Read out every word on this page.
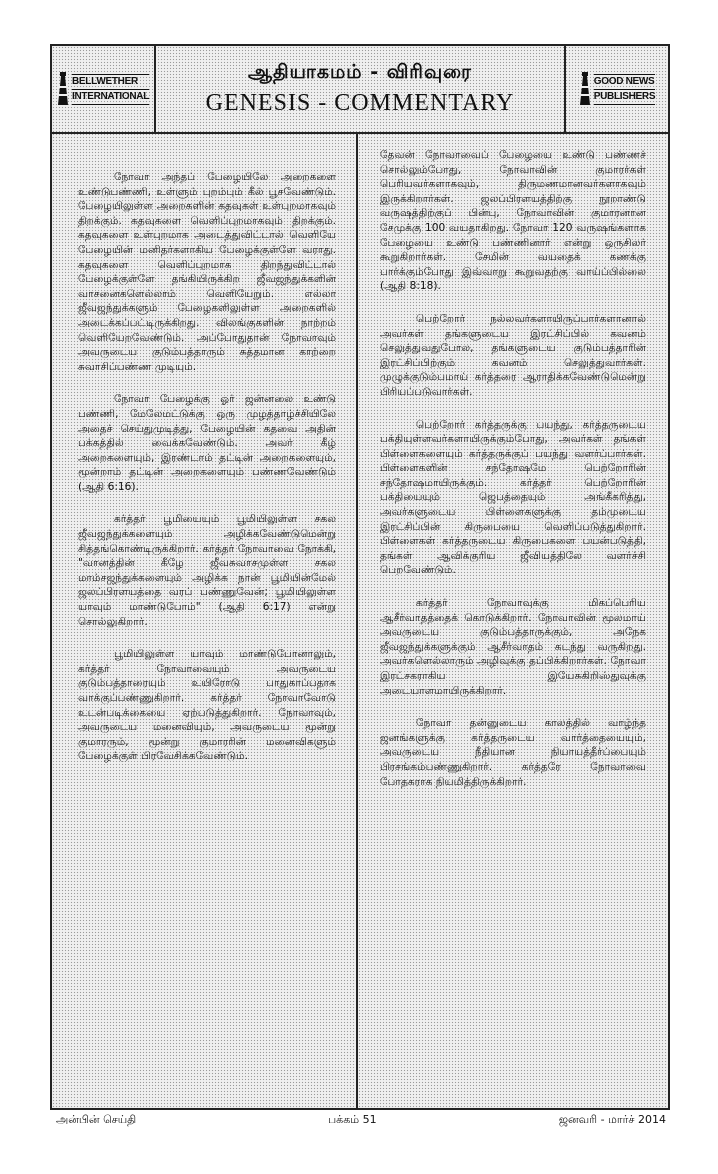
BELLWETHER
INTERNATIONAL
ஆதியாகமம் - விரிவுரை
GENESIS - COMMENTARY
GOOD NEWS
PUBLISHERS

நோவா அந்தப் பேழையிலே அறைகளை உண்டுபண்ணி, உள்ளும் புறம்பும் கீல் பூசவேண்டும். பேழையிலுள்ள அறைகளின் கதவுகள் உள்புறமாகவும் திறக்கும். கதவுகளை வெளிப்புறமாகவும் திறக்கும். கதவுகளை உள்புறமாக அடைத்துவிட்டால் வெளியே பேழையின் மனிதர்களாகிய பேழைக்குள்ளே வராது. கதவுகளை வெளிப்புறமாக திறந்துவிட்டால் பேழைக்குள்ளே தங்கியிருக்கிற ஜீவஜந்துக்களின் வாசனைகளெல்லாம் வெளியேறும். எல்லா ஜீவஜந்துக்களும் பேழைகளிலுள்ள அறைகளில் அடைக்கப்பட்டிருக்கிறது. விலங்குகளின் நாற்றம் வெளியேறவேண்டும். அப்போதுதான் நோவாவும் அவருடைய குடும்பத்தாரும் சுத்தமான காற்றை சுவாசிப்பண்ண முடியும்.

நோவா பேழைக்கு ஓர் ஜன்னலை உண்டு பண்ணி, மேலேமட்டுக்கு ஒரு முழத்தாழ்ச்சியிலே அதைச் செய்துமுடித்து, பேழையின் கதவை அதின் பக்கத்தில் வைக்கவேண்டும். அவர் கீழ் அறைகளையும், இரண்டாம் தட்டின் அறைகளையும், மூன்றாம் தட்டின் அறைகளையும் பண்ணவேண்டும் (ஆதி 6:16).

கர்த்தர் பூமியையும் பூமியிலுள்ள சகல ஜீவஜந்துக்களையும் அழிக்கவேண்டுமென்று சித்தங்கொண்டிருக்கிறார். கர்த்தர் நோவாவை நோக்கி, "வானத்தின் கீழே ஜீவசுவாசமுள்ள சகல மாம்சஜந்துக்களையும் அழிக்க நான் பூமியின்மேல் ஜலப்பிரளயத்தை வரப் பண்ணுவேன்; பூமியிலுள்ள யாவும் மாண்டுபோம்" (ஆதி 6:17) என்று சொல்லுகிறார்.

பூமியிலுள்ள யாவும் மாண்டுபோனாலும், கர்த்தர் நோவாவையும் அவருடைய குடும்பத்தாரையும் உயிரோடு பாதுகாப்பதாக வாக்குப்பண்ணுகிறார். கர்த்தர் நோவாவோடு உடன்படிக்கையை ஏற்படுத்துகிறார். நோவாவும், அவருடைய மனைவியும், அவருடைய மூன்று குமாரரும், மூன்று குமாரரின் மனைவிகளும் பேழைக்குள் பிரவேசிக்கவேண்டும்.

தேவன் நோவாவைப் பேழையை உண்டு பண்ணச் சொல்லும்போது, நோவாவின் குமாரர்கள் பெரியவர்களாகவும், திருமணமானவர்களாகவும் இருக்கிறார்கள். ஜலப்பிரளயத்திற்கு நூறாண்டு வருஷத்திற்குப் பின்பு, நோவாவின் குமாரனான சேமுக்கு 100 வயதாகிறது. நோவா 120 வருஷங்களாக பேழையை உண்டு பண்ணினார் என்று ஒருசிலர் கூறுகிறார்கள். சேமின் வயதைக் கணக்கு பார்க்கும்போது இவ்வாறு கூறுவதற்கு வாய்ப்பில்லை (ஆதி 8:18).

பெற்றோர் நல்லவர்களாயிருப்பார்களானால் அவர்கள் தங்களுடைய இரட்சிப்பில் கவனம் செலுத்துவதுபோல, தங்களுடைய குடும்பத்தாரின் இரட்சிப்பிற்கும் கவனம் செலுத்துவார்கள். முழுக்குடும்பமாய் கர்த்தரை ஆராதிக்கவேண்டுமென்று பிரியப்படுவார்கள்.

பெற்றோர் கர்த்தருக்கு பயந்து, கர்த்தருடைய பக்தியுள்ளவர்களாயிருக்கும்போது, அவர்கள் தங்கள் பிள்ளைகளையும் கர்த்தருக்குப் பயந்து வளர்ப்பார்கள். பிள்ளைகளின் சந்தோஷமே பெற்றோரின் சந்தோஷமாயிருக்கும். கர்த்தர் பெற்றோரின் பக்தியையும் ஜெபத்தையும் அங்கீகரித்து, அவர்களுடைய பிள்ளைகளுக்கு தம்முடைய இரட்சிப்பின் கிருபையை வெளிப்படுத்துகிறார். பிள்ளைகள் கர்த்தருடைய கிருபைகளை பயன்படுத்தி, தங்கள் ஆவிக்குரிய ஜீவியத்திலே வளர்ச்சி பெறவேண்டும்.

கர்த்தர் நோவாவுக்கு மிகப்பெரிய ஆசீர்வாதத்தைக் கொடுக்கிறார். நோவாவின் மூலமாய் அவருடைய குடும்பத்தாருக்கும், அநேக ஜீவஜந்துக்களுக்கும் ஆசீர்வாதம் கடந்து வருகிறது. அவர்களெல்லாரும் அழிவுக்கு தப்பிக்கிறார்கள். நோவா இரட்சகராகிய இயேசுகிறிஸ்துவுக்கு அடையாளமாயிருக்கிறார்.

நோவா தன்னுடைய காலத்தில் வாழ்ந்த ஜனங்களுக்கு கர்த்தருடைய வார்த்தையையும், அவருடைய நீதியான நியாயத்தீர்ப்பையும் பிரசங்கம்பண்ணுகிறார். கர்த்தரே நோவாவை போதகராக நியமித்திருக்கிறார்.

அன்பின் செய்தி	பக்கம் 51	ஜனவரி - மார்ச் 2014
